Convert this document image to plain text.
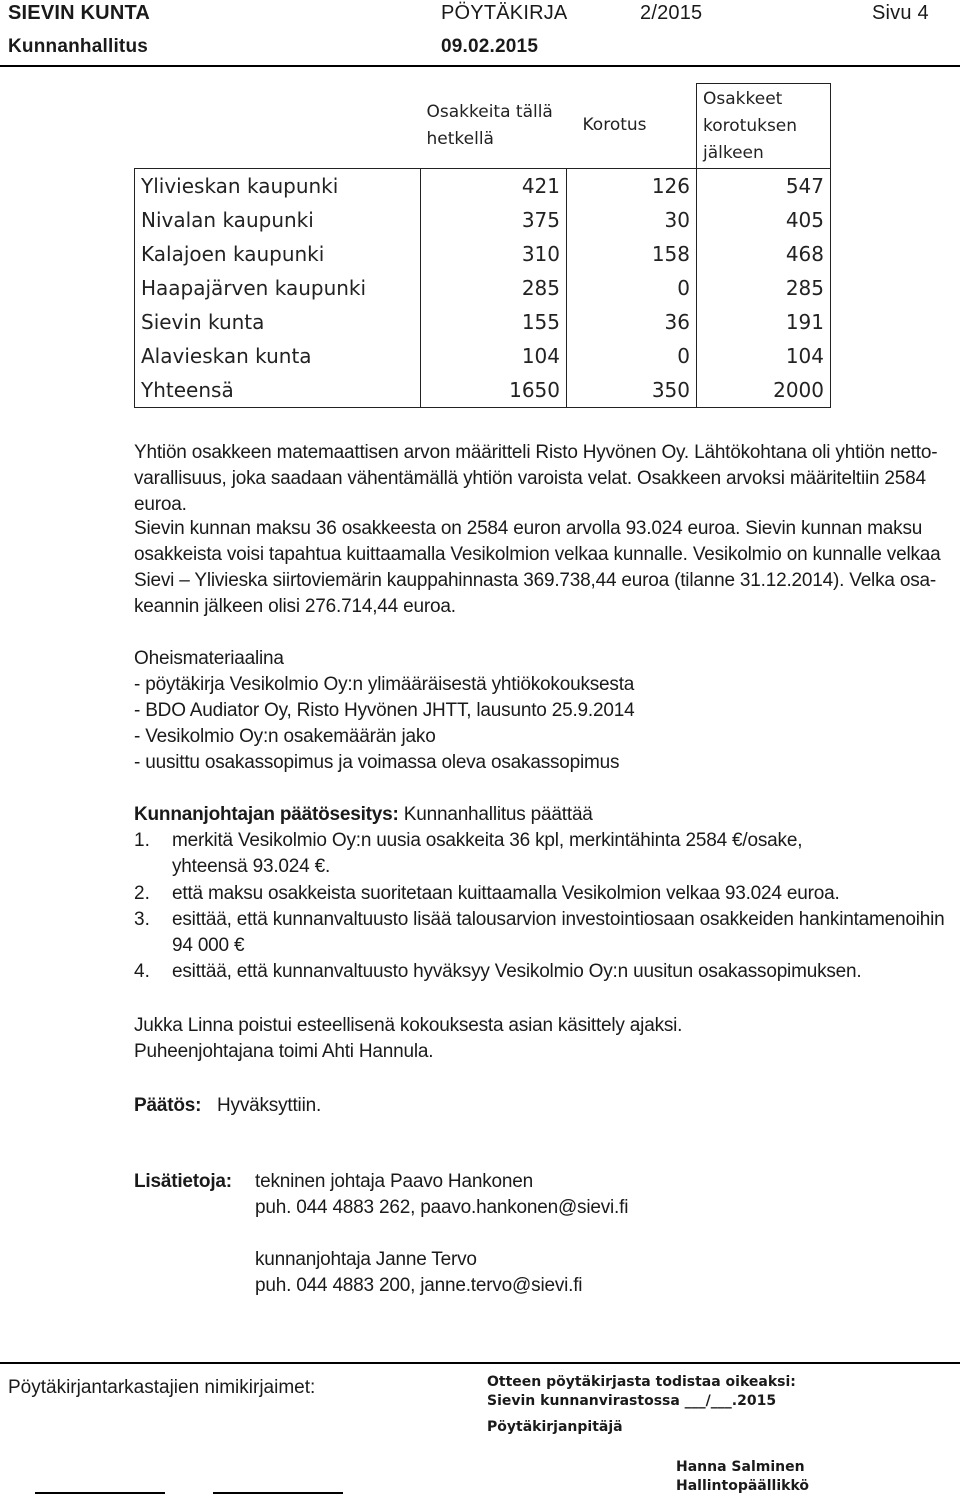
SIEVIN KUNTA	PÖYTÄKIRJA	2/2015	Sivu 4
Kunnanhallitus	09.02.2015
	Osakkeita tällä hetkellä	Korotus	Osakkeet korotuksen jälkeen
Ylivieskan kaupunki	421	126	547
Nivalan kaupunki	375	30	405
Kalajoen kaupunki	310	158	468
Haapajärven kaupunki	285	0	285
Sievin kunta	155	36	191
Alavieskan kunta	104	0	104
Yhteensä	1650	350	2000
Yhtiön osakkeen matemaattisen arvon määritteli Risto Hyvönen Oy. Lähtökohtana oli yhtiön netto-
varallisuus, joka saadaan vähentämällä yhtiön varoista velat. Osakkeen arvoksi määriteltiin 2584
euroa.
Sievin kunnan maksu 36 osakkeesta on 2584 euron arvolla 93.024 euroa. Sievin kunnan maksu
osakkeista voisi tapahtua kuittaamalla Vesikolmion velkaa kunnalle. Vesikolmio on kunnalle velkaa
Sievi – Ylivieska siirtoviemärin kauppahinnasta 369.738,44 euroa (tilanne 31.12.2014). Velka osa-
keannin jälkeen olisi 276.714,44 euroa.
Oheismateriaalina
- pöytäkirja Vesikolmio Oy:n ylimääräisestä yhtiökokouksesta
- BDO Audiator Oy, Risto Hyvönen JHTT, lausunto 25.9.2014
- Vesikolmio Oy:n osakemäärän jako
- uusittu osakassopimus ja voimassa oleva osakassopimus
Kunnanjohtajan päätösesitys: Kunnanhallitus päättää
1. merkitä Vesikolmio Oy:n uusia osakkeita 36 kpl, merkintähinta 2584 €/osake,
yhteensä 93.024 €.
2. että maksu osakkeista suoritetaan kuittaamalla Vesikolmion velkaa 93.024 euroa.
3. esittää, että kunnanvaltuusto lisää talousarvion investointiosaan osakkeiden hankintamenoihin
94 000 €
4. esittää, että kunnanvaltuusto hyväksyy Vesikolmio Oy:n uusitun osakassopimuksen.
Jukka Linna poistui esteellisenä kokouksesta asian käsittely ajaksi.
Puheenjohtajana toimi Ahti Hannula.
Päätös: Hyväksyttiin.
Lisätietoja: tekninen johtaja Paavo Hankonen
puh. 044 4883 262, paavo.hankonen@sievi.fi
kunnanjohtaja Janne Tervo
puh. 044 4883 200, janne.tervo@sievi.fi
Pöytäkirjantarkastajien nimikirjaimet:	Otteen pöytäkirjasta todistaa oikeaksi:
Sievin kunnanvirastossa ___/___.2015
Pöytäkirjanpitäjä
Hanna Salminen
Hallintopäällikkö
